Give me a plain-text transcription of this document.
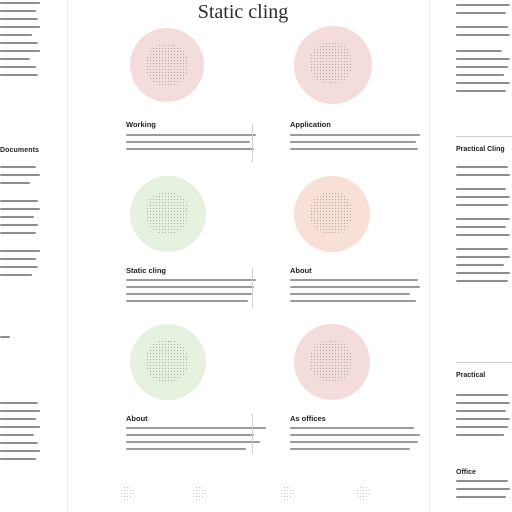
Documents
Static cling
Working	Application
Static cling	About
About	As offices
Practical Cling
Practical
Office
